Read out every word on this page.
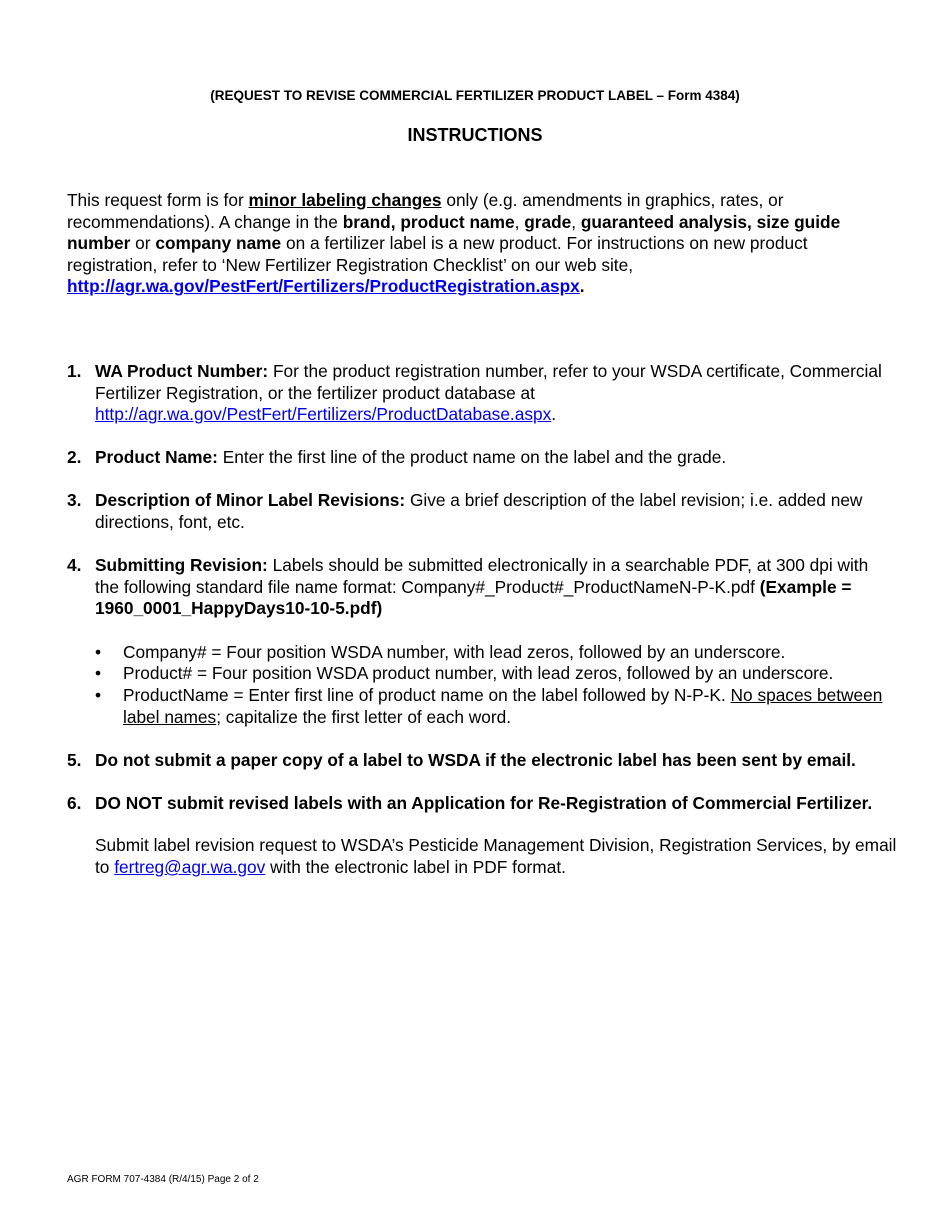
(REQUEST TO REVISE COMMERCIAL FERTILIZER PRODUCT LABEL – Form 4384)
INSTRUCTIONS
This request form is for minor labeling changes only (e.g. amendments in graphics, rates, or recommendations). A change in the brand, product name, grade, guaranteed analysis, size guide number or company name on a fertilizer label is a new product. For instructions on new product registration, refer to ‘New Fertilizer Registration Checklist’ on our web site, http://agr.wa.gov/PestFert/Fertilizers/ProductRegistration.aspx.
1. WA Product Number: For the product registration number, refer to your WSDA certificate, Commercial Fertilizer Registration, or the fertilizer product database at http://agr.wa.gov/PestFert/Fertilizers/ProductDatabase.aspx.
2. Product Name: Enter the first line of the product name on the label and the grade.
3. Description of Minor Label Revisions: Give a brief description of the label revision; i.e. added new directions, font, etc.
4. Submitting Revision: Labels should be submitted electronically in a searchable PDF, at 300 dpi with the following standard file name format: Company#_Product#_ProductNameN-P-K.pdf (Example = 1960_0001_HappyDays10-10-5.pdf)
• Company# = Four position WSDA number, with lead zeros, followed by an underscore.
• Product# = Four position WSDA product number, with lead zeros, followed by an underscore.
• ProductName = Enter first line of product name on the label followed by N-P-K. No spaces between label names; capitalize the first letter of each word.
5. Do not submit a paper copy of a label to WSDA if the electronic label has been sent by email.
6. DO NOT submit revised labels with an Application for Re-Registration of Commercial Fertilizer.
Submit label revision request to WSDA’s Pesticide Management Division, Registration Services, by email to fertreg@agr.wa.gov with the electronic label in PDF format.
AGR FORM 707-4384 (R/4/15) Page 2 of 2
